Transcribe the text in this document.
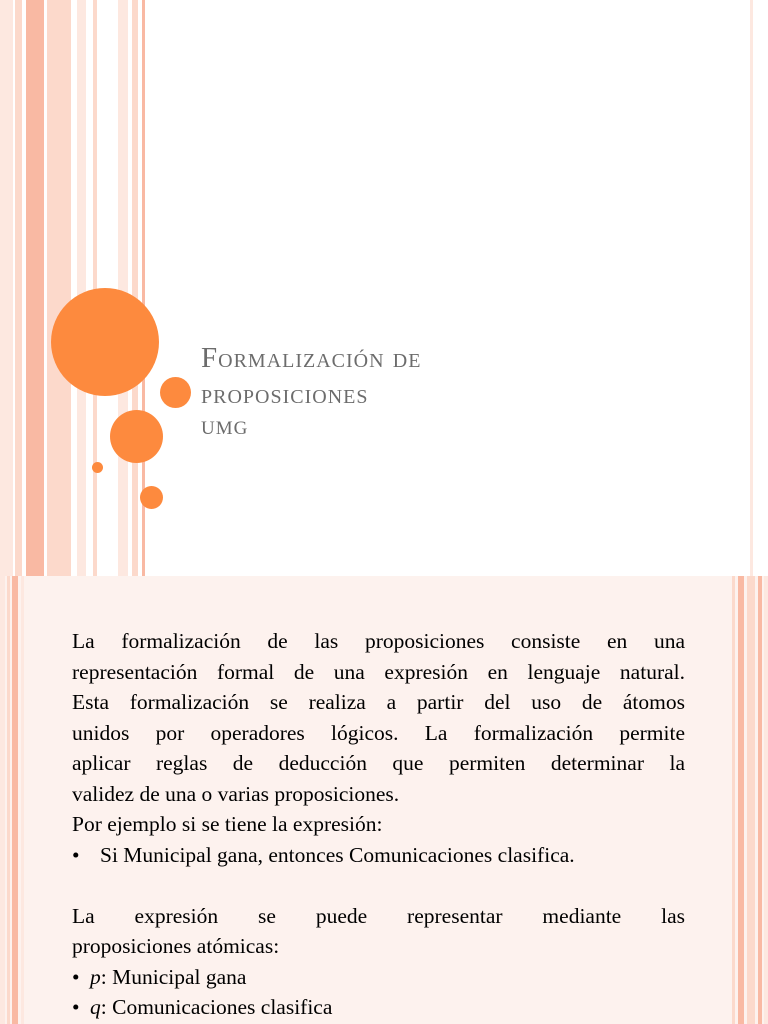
Formalización de
proposiciones
UMG
La formalización de las proposiciones consiste en una
representación formal de una expresión en lenguaje natural.
Esta formalización se realiza a partir del uso de átomos
unidos por operadores lógicos. La formalización permite
aplicar reglas de deducción que permiten determinar la
validez de una o varias proposiciones.
Por ejemplo si se tiene la expresión:
• Si Municipal gana, entonces Comunicaciones clasifica.
La expresión se puede representar mediante las
proposiciones atómicas:
• p : Municipal gana
• q : Comunicaciones clasifica
